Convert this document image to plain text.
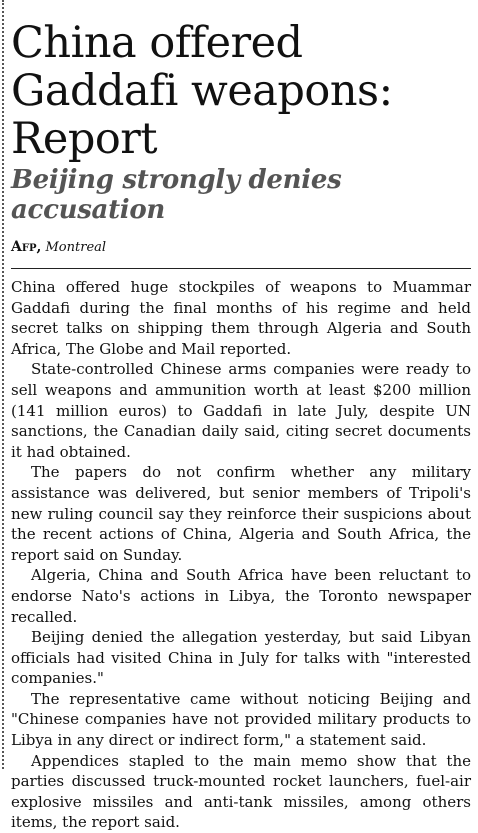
China offered Gaddafi weapons: Report
Beijing strongly denies accusation
Afp, Montreal

China offered huge stockpiles of weapons to Muammar Gaddafi during the final months of his regime and held secret talks on shipping them through Algeria and South Africa, The Globe and Mail reported.

State-controlled Chinese arms companies were ready to sell weapons and ammunition worth at least $200 million (141 million euros) to Gaddafi in late July, despite UN sanctions, the Canadian daily said, citing secret documents it had obtained.

The papers do not confirm whether any military assistance was delivered, but senior members of Tripoli's new ruling council say they reinforce their suspicions about the recent actions of China, Algeria and South Africa, the report said on Sunday.

Algeria, China and South Africa have been reluctant to endorse Nato's actions in Libya, the Toronto newspaper recalled.

Beijing denied the allegation yesterday, but said Libyan officials had visited China in July for talks with "interested companies."

The representative came without noticing Beijing and "Chinese companies have not provided military products to Libya in any direct or indirect form," a statement said.

Appendices stapled to the main memo show that the parties discussed truck-mounted rocket launchers, fuel-air explosive missiles and anti-tank missiles, among others items, the report said.
